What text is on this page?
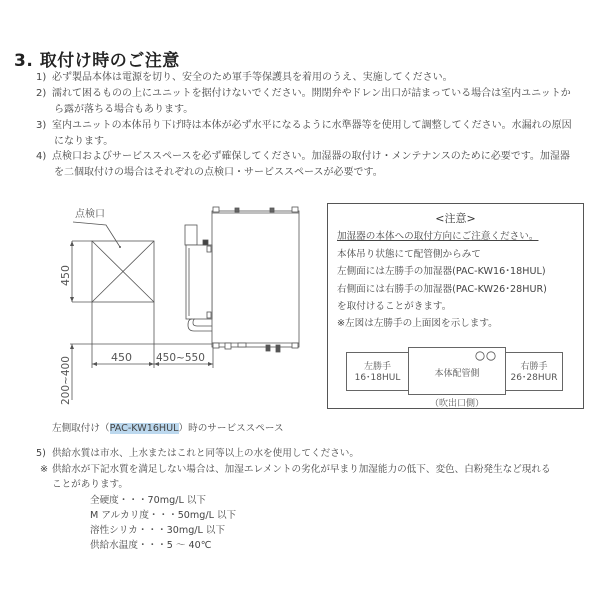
3. 取付け時のご注意
1) 必ず製品本体は電源を切り、安全のため軍手等保護具を着用のうえ、実施してください。
2) 濡れて困るものの上にユニットを据付けないでください。開閉弁やドレン出口が詰まっている場合は室内ユニットか
ら露が落ちる場合もあります。
3) 室内ユニットの本体吊り下げ時は本体が必ず水平になるように水準器等を使用して調整してください。水漏れの原因
になります。
4) 点検口およびサービススペースを必ず確保してください。加湿器の取付け・メンテナンスのために必要です。加湿器
を二個取付けの場合はそれぞれの点検口・サービススペースが必要です。
点検口
450
450 450~550
200~400
左側取付け（PAC-KW16HUL）時のサービススペース
<注意>
加湿器の本体への取付方向にご注意ください。
本体吊り状態にて配管側からみて
左側面には左勝手の加湿器(PAC-KW16･18HUL)
右側面には右勝手の加湿器(PAC-KW26･28HUR)
を取付けることがきます。
※左図は左勝手の上面図を示します。
左勝手
16･18HUL
右勝手
26･28HUR
本体配管側
（吹出口側）
5) 供給水質は市水、上水またはこれと同等以上の水を使用してください。
※ 供給水が下記水質を満足しない場合は、加湿エレメントの劣化が早まり加湿能力の低下、変色、白粉発生など現れる
ことがあります。
全硬度・・・70mg/L 以下
M アルカリ度・・・50mg/L 以下
溶性シリカ・・・30mg/L 以下
供給水温度・・・5 ～ 40℃
